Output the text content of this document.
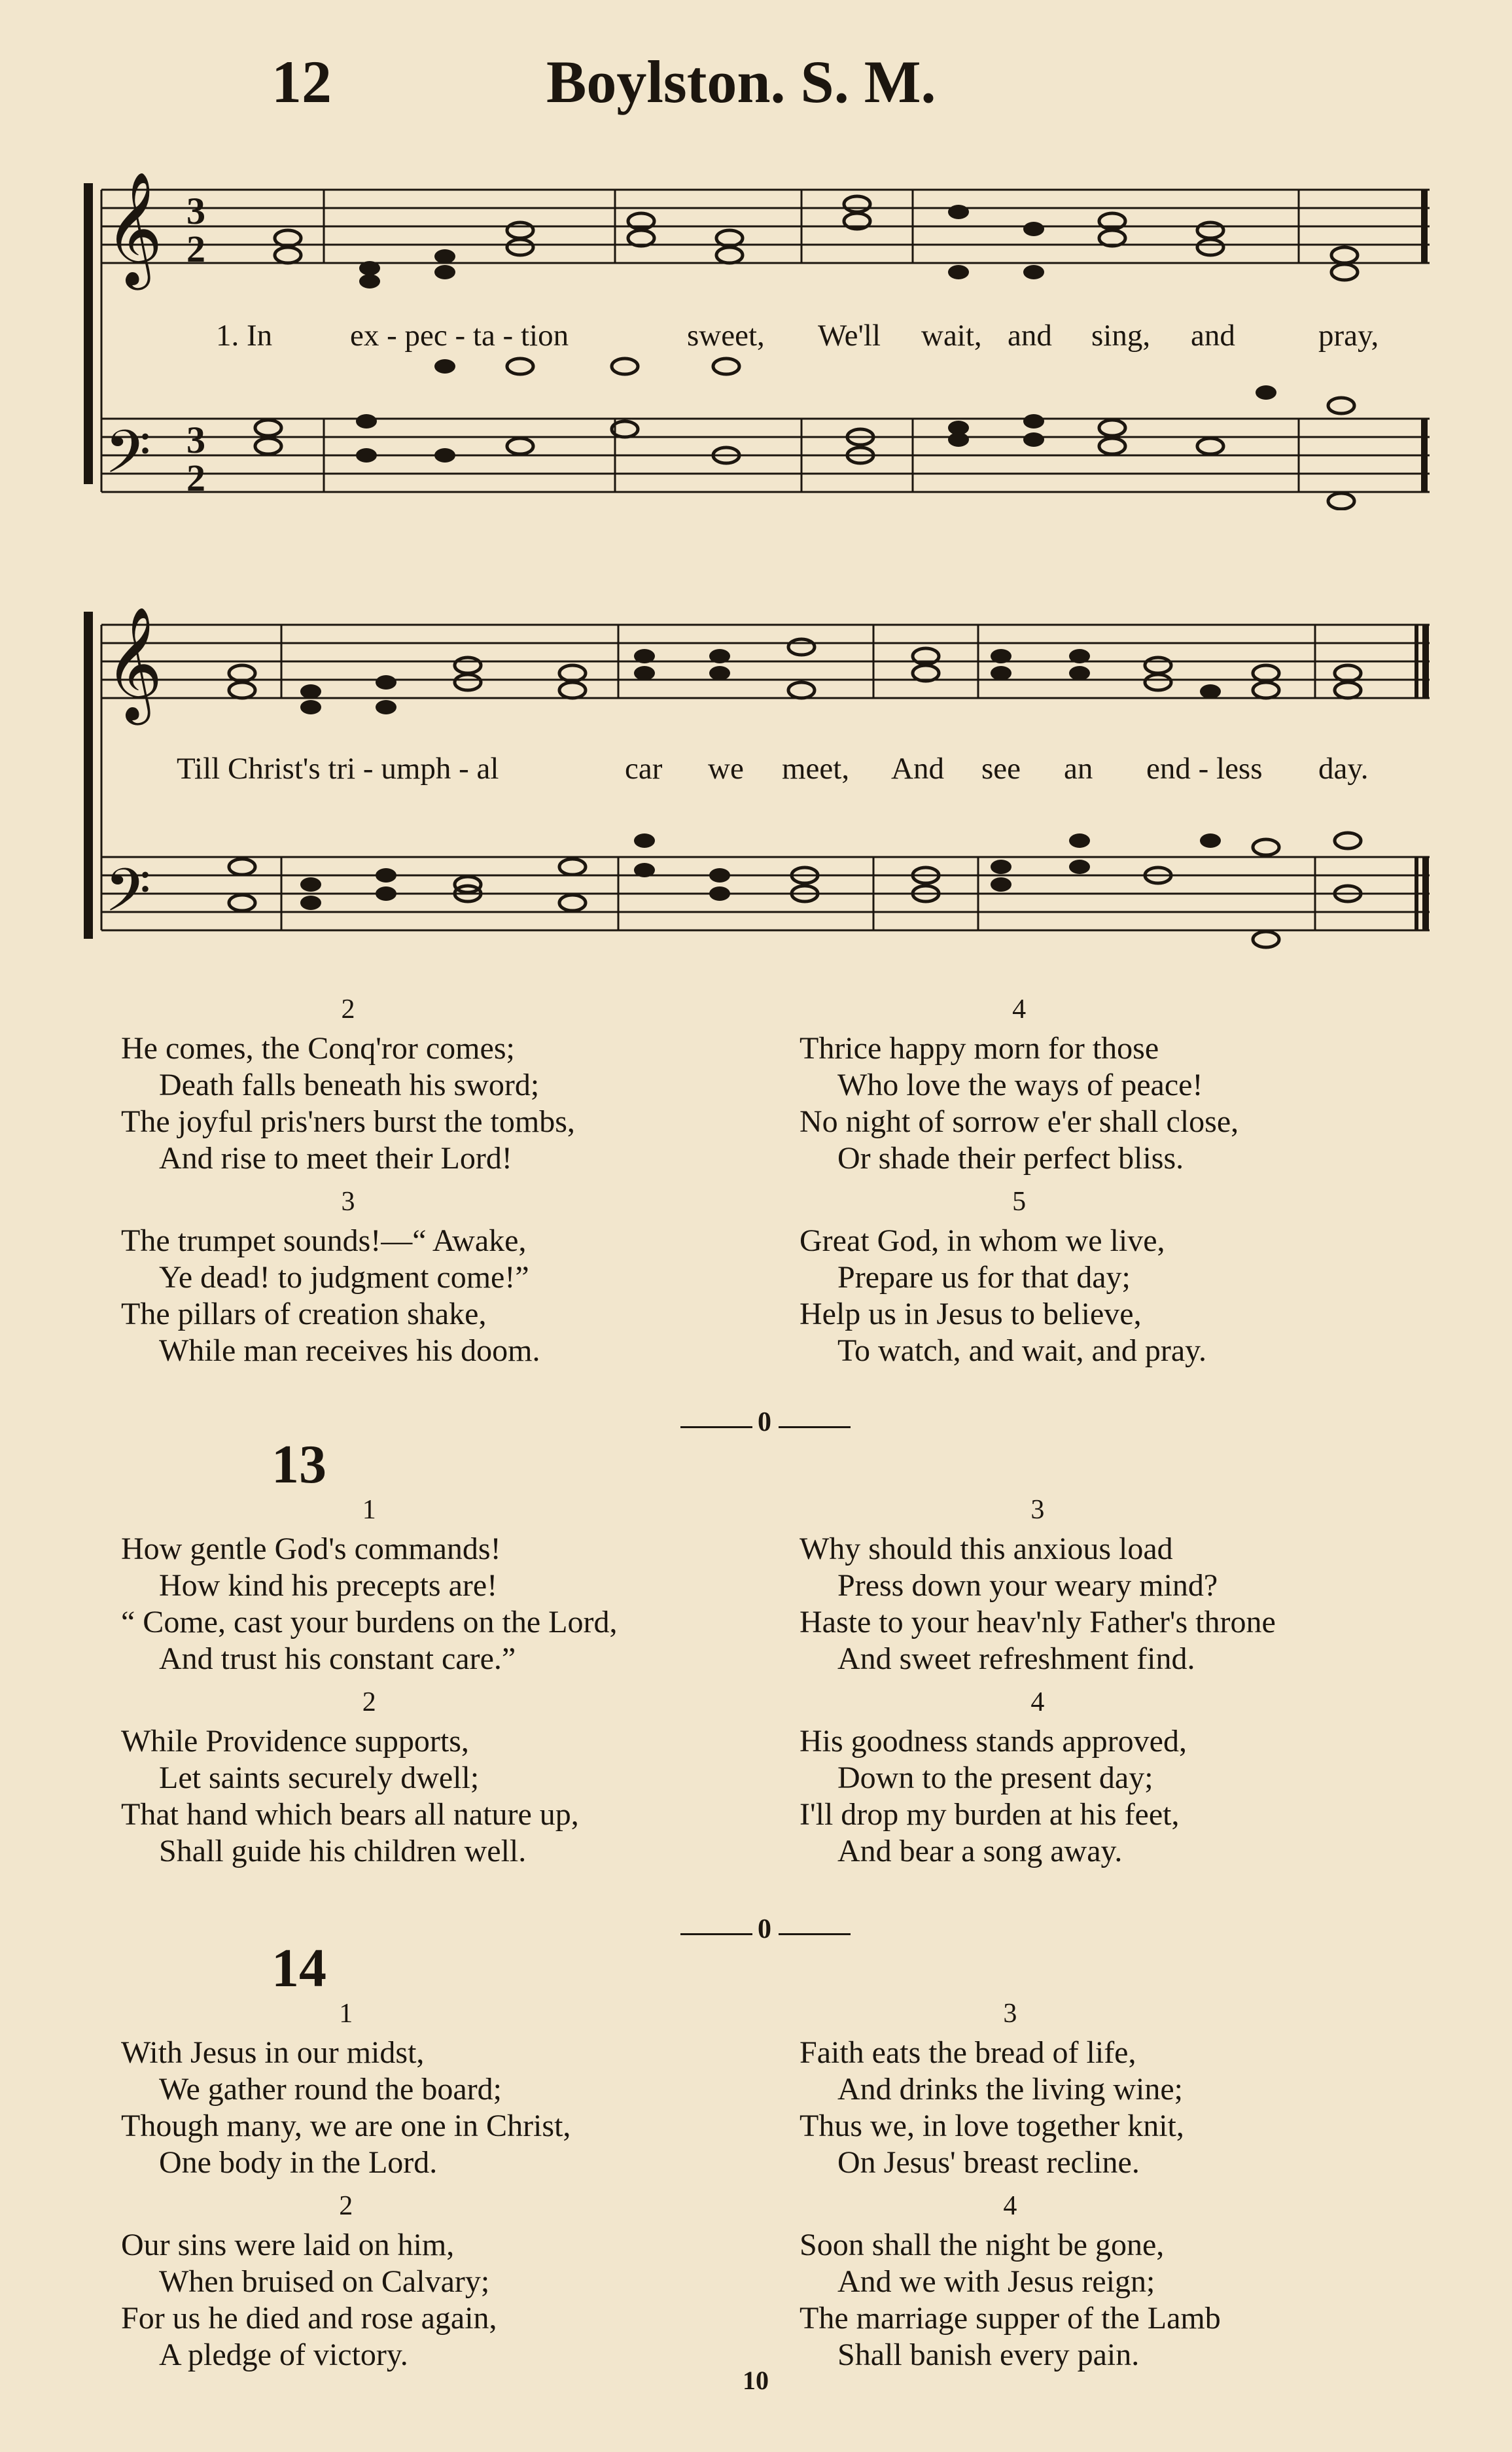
12	Boylston. S. M.
𝄞
𝄢
3
2
3
2
1. In	ex - pec - ta - tion	sweet, We'll wait, and sing, and	pray,
𝄞
𝄢
Till Christ's tri - umph - al	car we meet, And see an end - less day.
2
He comes, the Conq'ror comes;
Death falls beneath his sword;
The joyful pris'ners burst the tombs,
And rise to meet their Lord!
3
The trumpet sounds!—“ Awake,
Ye dead! to judgment come!”
The pillars of creation shake,
While man receives his doom.
4
Thrice happy morn for those
Who love the ways of peace!
No night of sorrow e'er shall close,
Or shade their perfect bliss.
5
Great God, in whom we live,
Prepare us for that day;
Help us in Jesus to believe,
To watch, and wait, and pray.
0
13
1
How gentle God's commands!
How kind his precepts are!
“ Come, cast your burdens on the Lord,
And trust his constant care.”
2
While Providence supports,
Let saints securely dwell;
That hand which bears all nature up,
Shall guide his children well.
3
Why should this anxious load
Press down your weary mind?
Haste to your heav'nly Father's throne
And sweet refreshment find.
4
His goodness stands approved,
Down to the present day;
I'll drop my burden at his feet,
And bear a song away.
0
14
1
With Jesus in our midst,
We gather round the board;
Though many, we are one in Christ,
One body in the Lord.
2
Our sins were laid on him,
When bruised on Calvary;
For us he died and rose again,
A pledge of victory.
3
Faith eats the bread of life,
And drinks the living wine;
Thus we, in love together knit,
On Jesus' breast recline.
4
Soon shall the night be gone,
And we with Jesus reign;
The marriage supper of the Lamb
Shall banish every pain.
10
